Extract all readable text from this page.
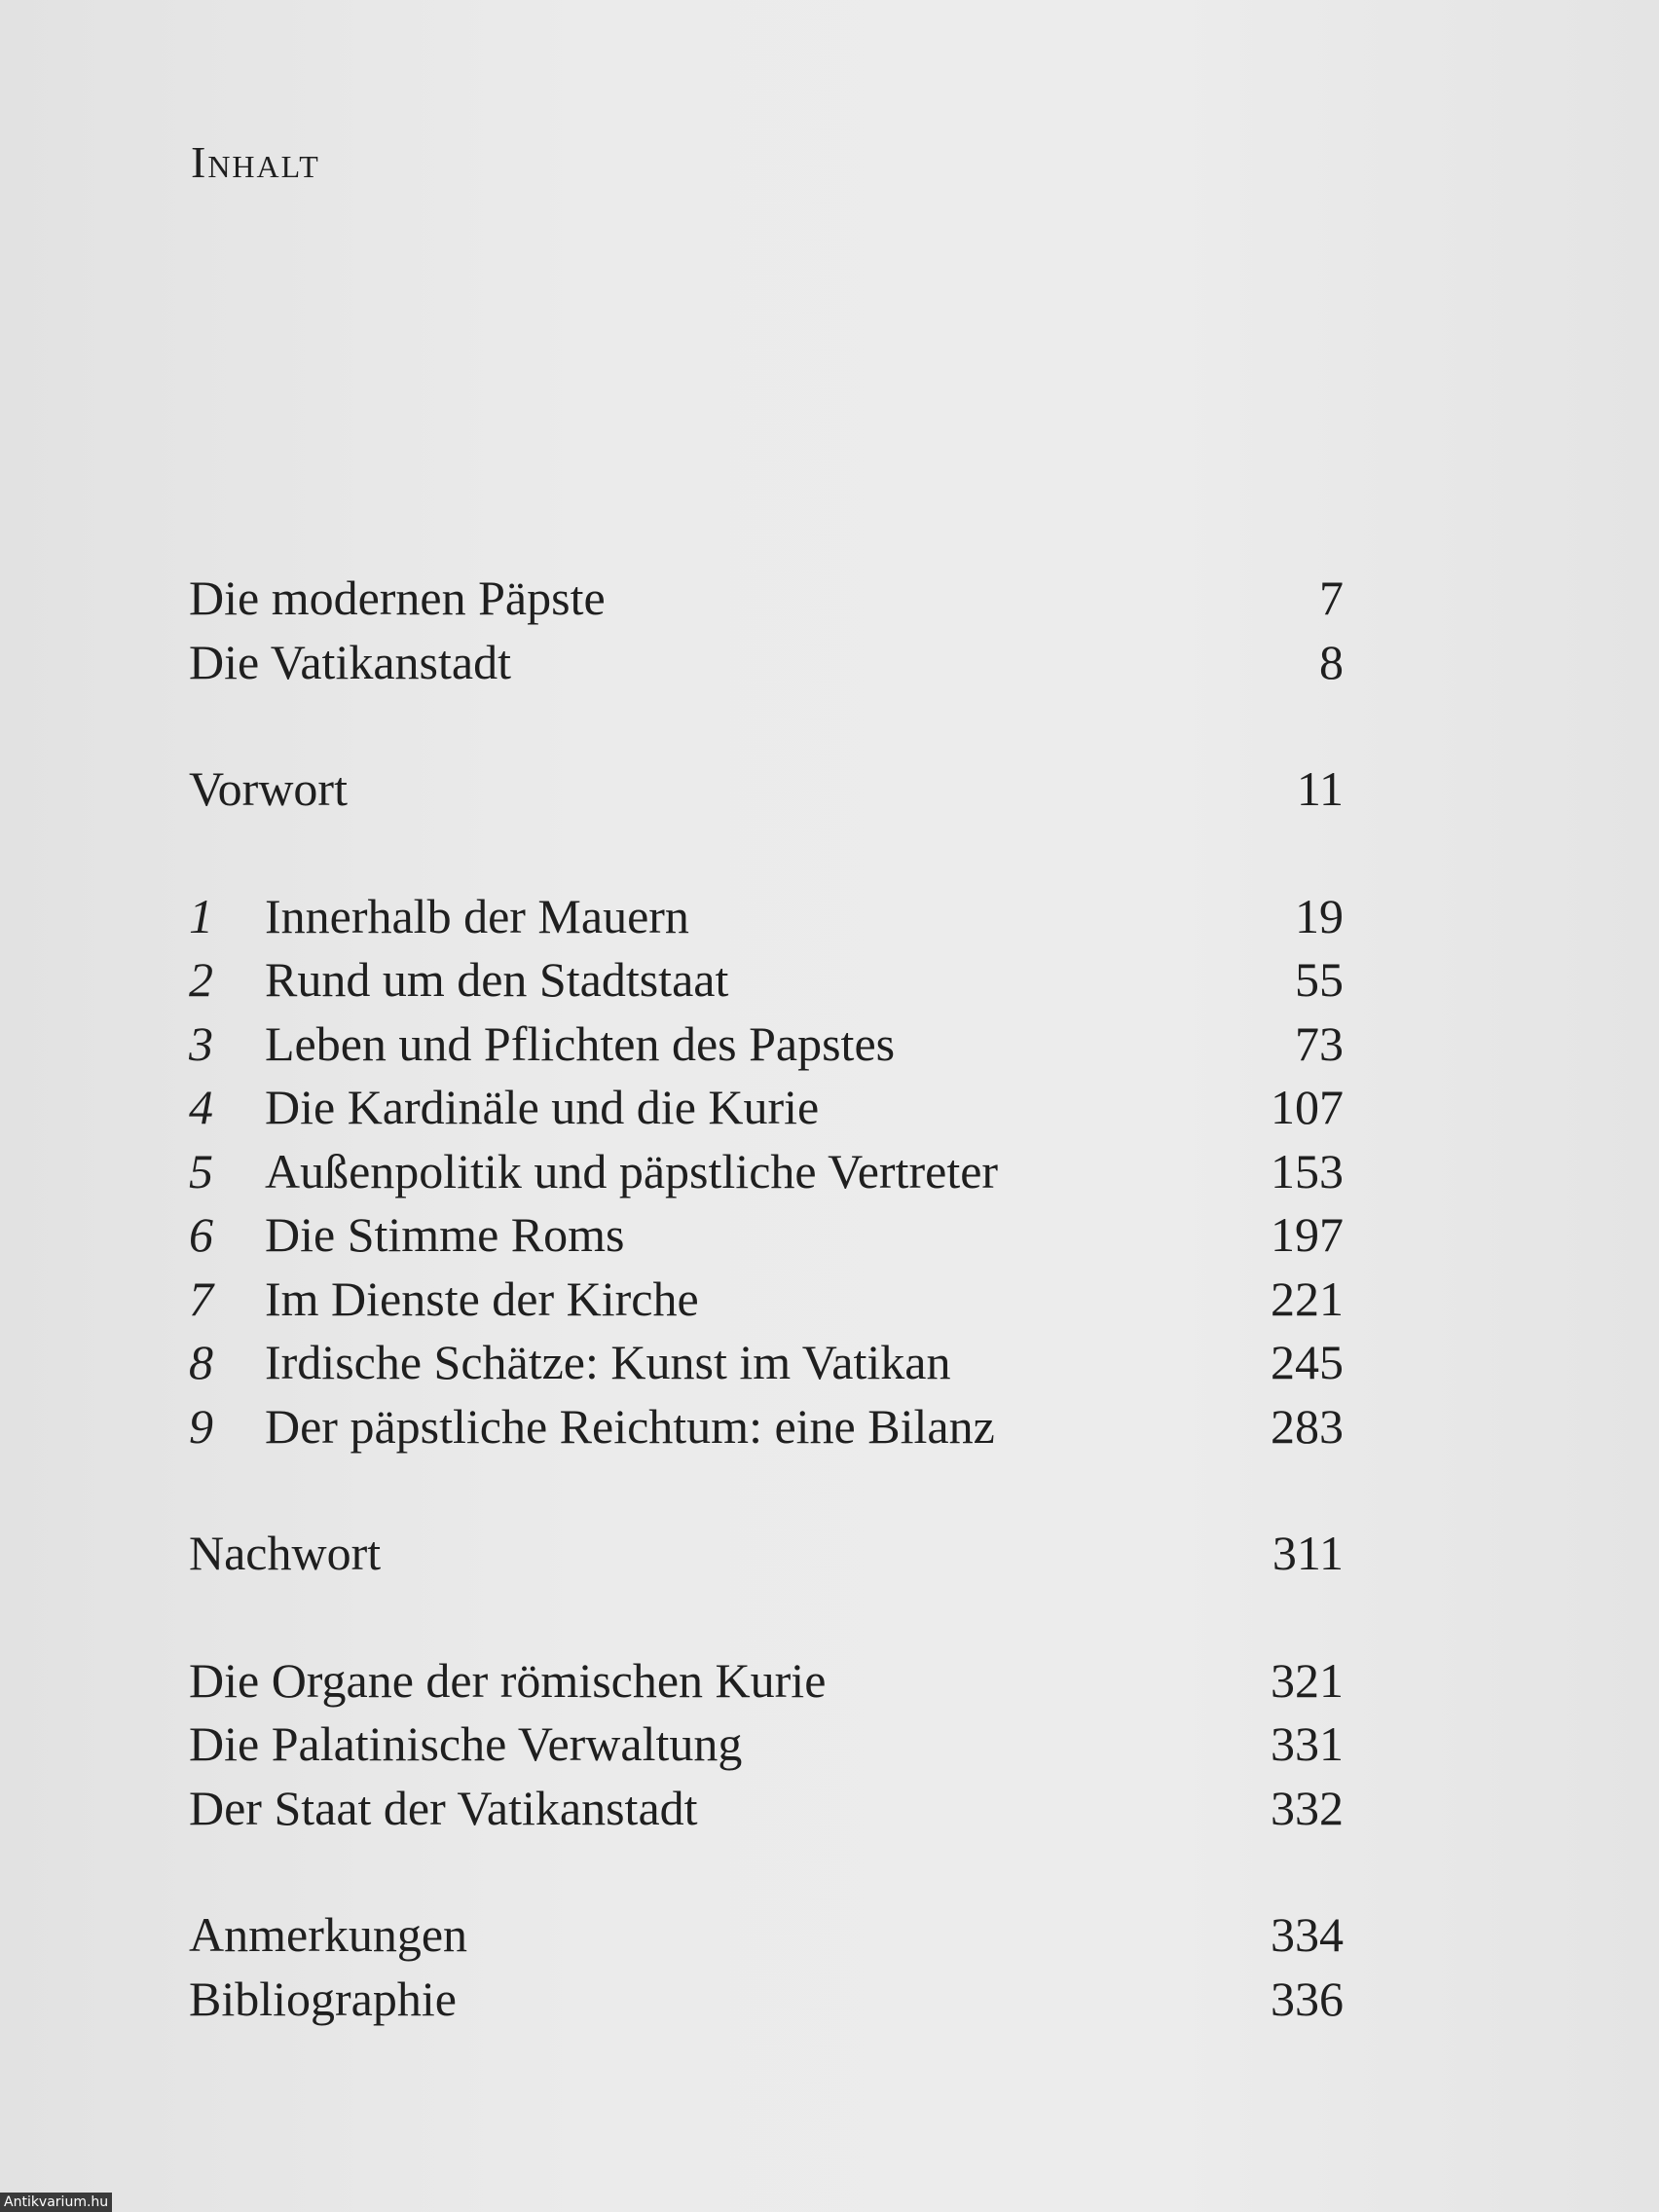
Inhalt
Die modernen Päpste	7
Die Vatikanstadt	8
Vorwort	11
1	Innerhalb der Mauern	19
2	Rund um den Stadtstaat	55
3	Leben und Pflichten des Papstes	73
4	Die Kardinäle und die Kurie	107
5	Außenpolitik und päpstliche Vertreter	153
6	Die Stimme Roms	197
7	Im Dienste der Kirche	221
8	Irdische Schätze: Kunst im Vatikan	245
9	Der päpstliche Reichtum: eine Bilanz	283
Nachwort	311
Die Organe der römischen Kurie	321
Die Palatinische Verwaltung	331
Der Staat der Vatikanstadt	332
Anmerkungen	334
Bibliographie	336
Antikvarium.hu
